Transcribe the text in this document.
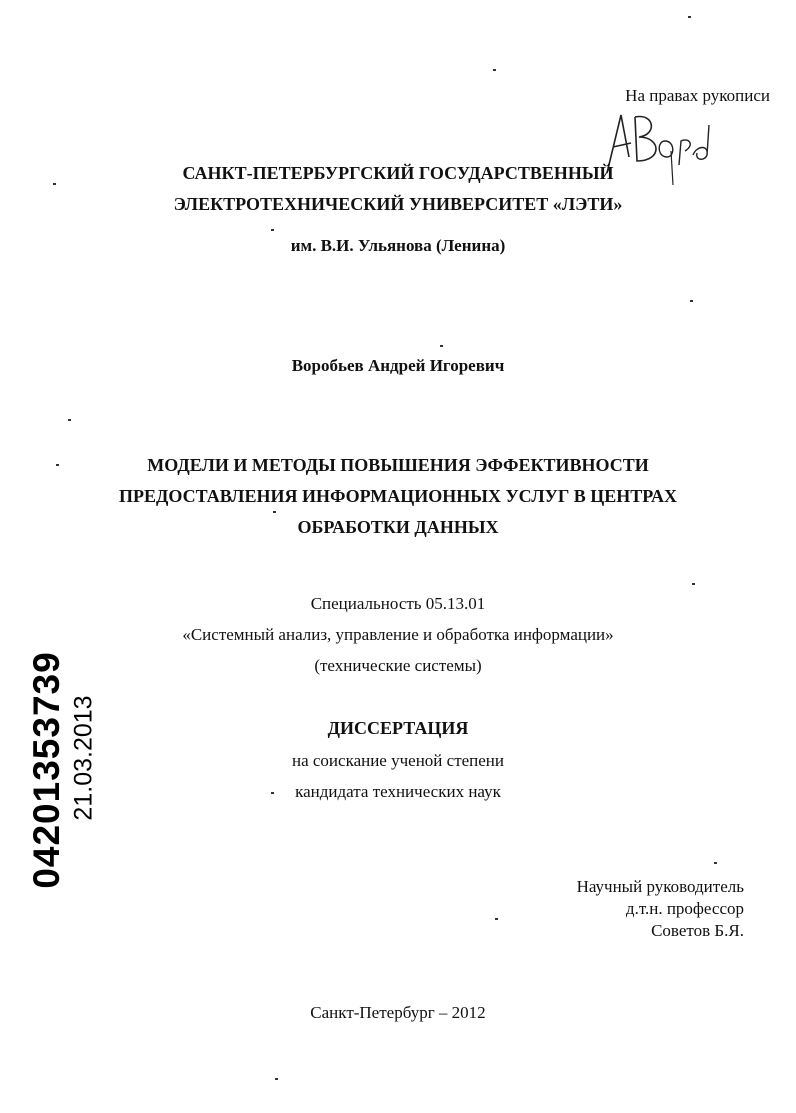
На правах рукописи
САНКТ-ПЕТЕРБУРГСКИЙ ГОСУДАРСТВЕННЫЙ
ЭЛЕКТРОТЕХНИЧЕСКИЙ УНИВЕРСИТЕТ «ЛЭТИ»
им. В.И. Ульянова (Ленина)
Воробьев Андрей Игоревич
МОДЕЛИ И МЕТОДЫ ПОВЫШЕНИЯ ЭФФЕКТИВНОСТИ
ПРЕДОСТАВЛЕНИЯ ИНФОРМАЦИОННЫХ УСЛУГ В ЦЕНТРАХ
ОБРАБОТКИ ДАННЫХ
Специальность 05.13.01
«Системный анализ, управление и обработка информации»
(технические системы)
ДИССЕРТАЦИЯ
на соискание ученой степени
кандидата технических наук
Научный руководитель
д.т.н. профессор
Советов Б.Я.
Санкт-Петербург – 2012
04201353739 21.03.2013
